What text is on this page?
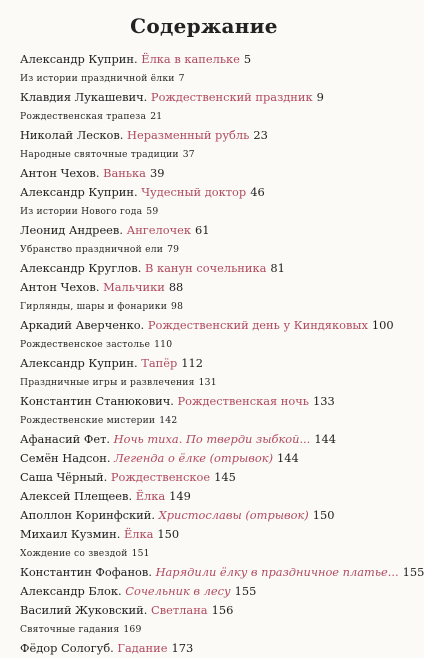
Содержание
Александр Куприн. Ёлка в капельке 5
Из истории праздничной ёлки 7
Клавдия Лукашевич. Рождественский праздник 9
Рождественская трапеза 21
Николай Лесков. Неразменный рубль 23
Народные святочные традиции 37
Антон Чехов. Ванька 39
Александр Куприн. Чудесный доктор 46
Из истории Нового года 59
Леонид Андреев. Ангелочек 61
Убранство праздничной ели 79
Александр Круглов. В канун сочельника 81
Антон Чехов. Мальчики 88
Гирлянды, шары и фонарики 98
Аркадий Аверченко. Рождественский день у Киндяковых 100
Рождественское застолье 110
Александр Куприн. Тапёр 112
Праздничные игры и развлечения 131
Константин Станюкович. Рождественская ночь 133
Рождественские мистерии 142
Афанасий Фет. Ночь тиха. По тверди зыбкой... 144
Семён Надсон. Легенда о ёлке (отрывок) 144
Саша Чёрный. Рождественское 145
Алексей Плещеев. Ёлка 149
Аполлон Коринфский. Христославы (отрывок) 150
Михаил Кузмин. Ёлка 150
Хождение со звездой 151
Константин Фофанов. Нарядили ёлку в праздничное платье... 155
Александр Блок. Сочельник в лесу 155
Василий Жуковский. Светлана 156
Святочные гадания 169
Фёдор Сологуб. Гадание 173
